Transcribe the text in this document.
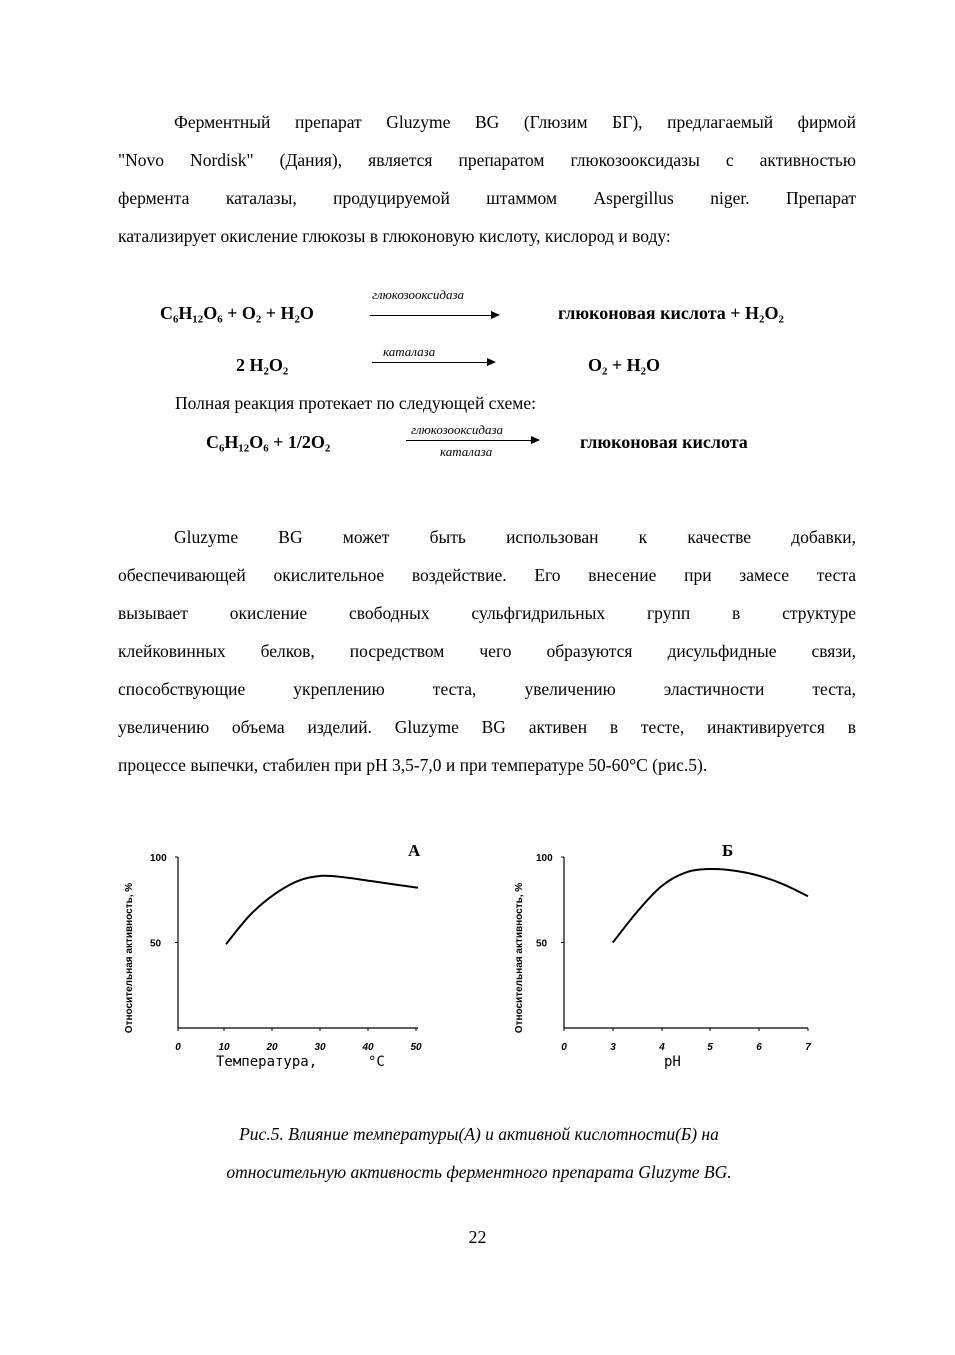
Ферментный препарат Gluzyme BG (Глюзим БГ), предлагаемый фирмой

"Novo Nordisk" (Дания), является препаратом глюкозооксидазы с активностью

фермента каталазы, продуцируемой штаммом Aspergillus niger. Препарат

катализирует окисление глюкозы в глюконовую кислоту, кислород и воду:

C₆H₁₂O₆ + O₂ + H₂O
глюкозооксидаза
глюконовая кислота + H₂O₂
2 H₂O₂
каталаза
O₂ + H₂O
Полная реакция протекает по следующей схеме:
C₆H₁₂O₆ + 1/2O₂
глюкозооксидаза
каталаза	глюконовая кислота

Gluzyme BG может быть использован к качестве добавки,

обеспечивающей окислительное воздействие. Его внесение при замесе теста

вызывает окисление свободных сульфгидрильных групп в структуре

клейковинных белков, посредством чего образуются дисульфидные связи,

способствующие укреплению теста, увеличению эластичности теста,

увеличению объема изделий. Gluzyme BG активен в тесте, инактивируется в

процессе выпечки, стабилен при pH 3,5-7,0 и при температуре 50-60°С (рис.5).

Относительная активность, %
А
Температура,	°С
100
50
0	10	20	30	40	50
Относительная активность, %
Б
pH
100
50
0	3	4	5	6	7
Рис.5. Влияние температуры(А) и активной кислотности(Б) на
относительную активность ферментного препарата Gluzyme BG.
22
